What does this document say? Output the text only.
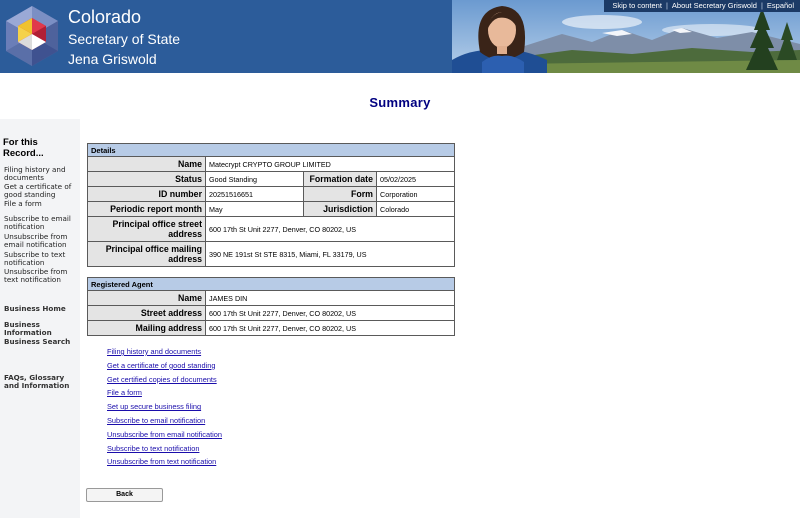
Colorado
Secretary of State
Jena Griswold
Skip to content | About Secretary Griswold | Español
Summary
For this Record...
Filing history and documents
Get a certificate of good standing
File a form
Subscribe to email notification
Unsubscribe from email notification
Subscribe to text notification
Unsubscribe from text notification
Business Home
Business Information
Business Search
FAQs, Glossary and Information
Details			
Name	Matecrypt CRYPTO GROUP LIMITED		
Status	Good Standing	Formation date	05/02/2025
ID number	20251516651	Form	Corporation
Periodic report month	May	Jurisdiction	Colorado
Principal office street address	600 17th St Unit 2277, Denver, CO 80202, US		
Principal office mailing address	390 NE 191st St STE 8315, Miami, FL 33179, US		
Registered Agent	
Name	JAMES DIN
Street address	600 17th St Unit 2277, Denver, CO 80202, US
Mailing address	600 17th St Unit 2277, Denver, CO 80202, US
Filing history and documents
Get a certificate of good standing
Get certified copies of documents
File a form
Set up secure business filing
Subscribe to email notification
Unsubscribe from email notification
Subscribe to text notification
Unsubscribe from text notification
Back
